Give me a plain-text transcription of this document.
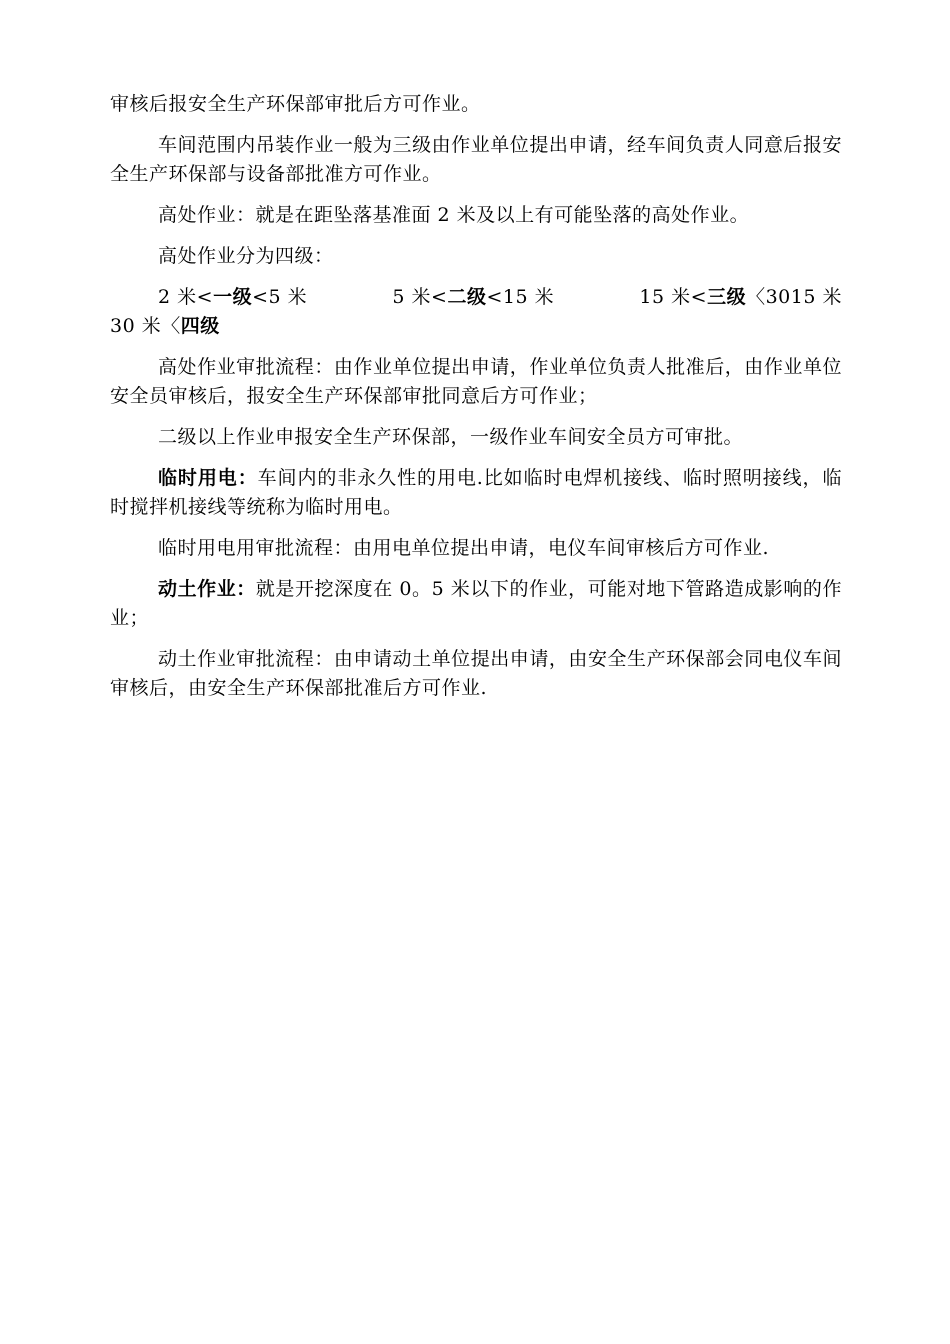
审核后报安全生产环保部审批后方可作业。

车间范围内吊装作业一般为三级由作业单位提出申请，经车间负责人同意后报安全生产环保部与设备部批准方可作业。

高处作业：就是在距坠落基准面 2 米及以上有可能坠落的高处作业。

高处作业分为四级：

2 米<一级<5 米	5 米<二级<15 米	15 米<三级〈3015 米
30 米〈四级

高处作业审批流程：由作业单位提出申请，作业单位负责人批准后，由作业单位安全员审核后，报安全生产环保部审批同意后方可作业；

二级以上作业申报安全生产环保部，一级作业车间安全员方可审批。

临时用电：车间内的非永久性的用电.比如临时电焊机接线、临时照明接线，临时搅拌机接线等统称为临时用电。

临时用电用审批流程：由用电单位提出申请，电仪车间审核后方可作业.

动土作业：就是开挖深度在 0。5 米以下的作业，可能对地下管路造成影响的作业；

动土作业审批流程：由申请动土单位提出申请，由安全生产环保部会同电仪车间审核后，由安全生产环保部批准后方可作业.
